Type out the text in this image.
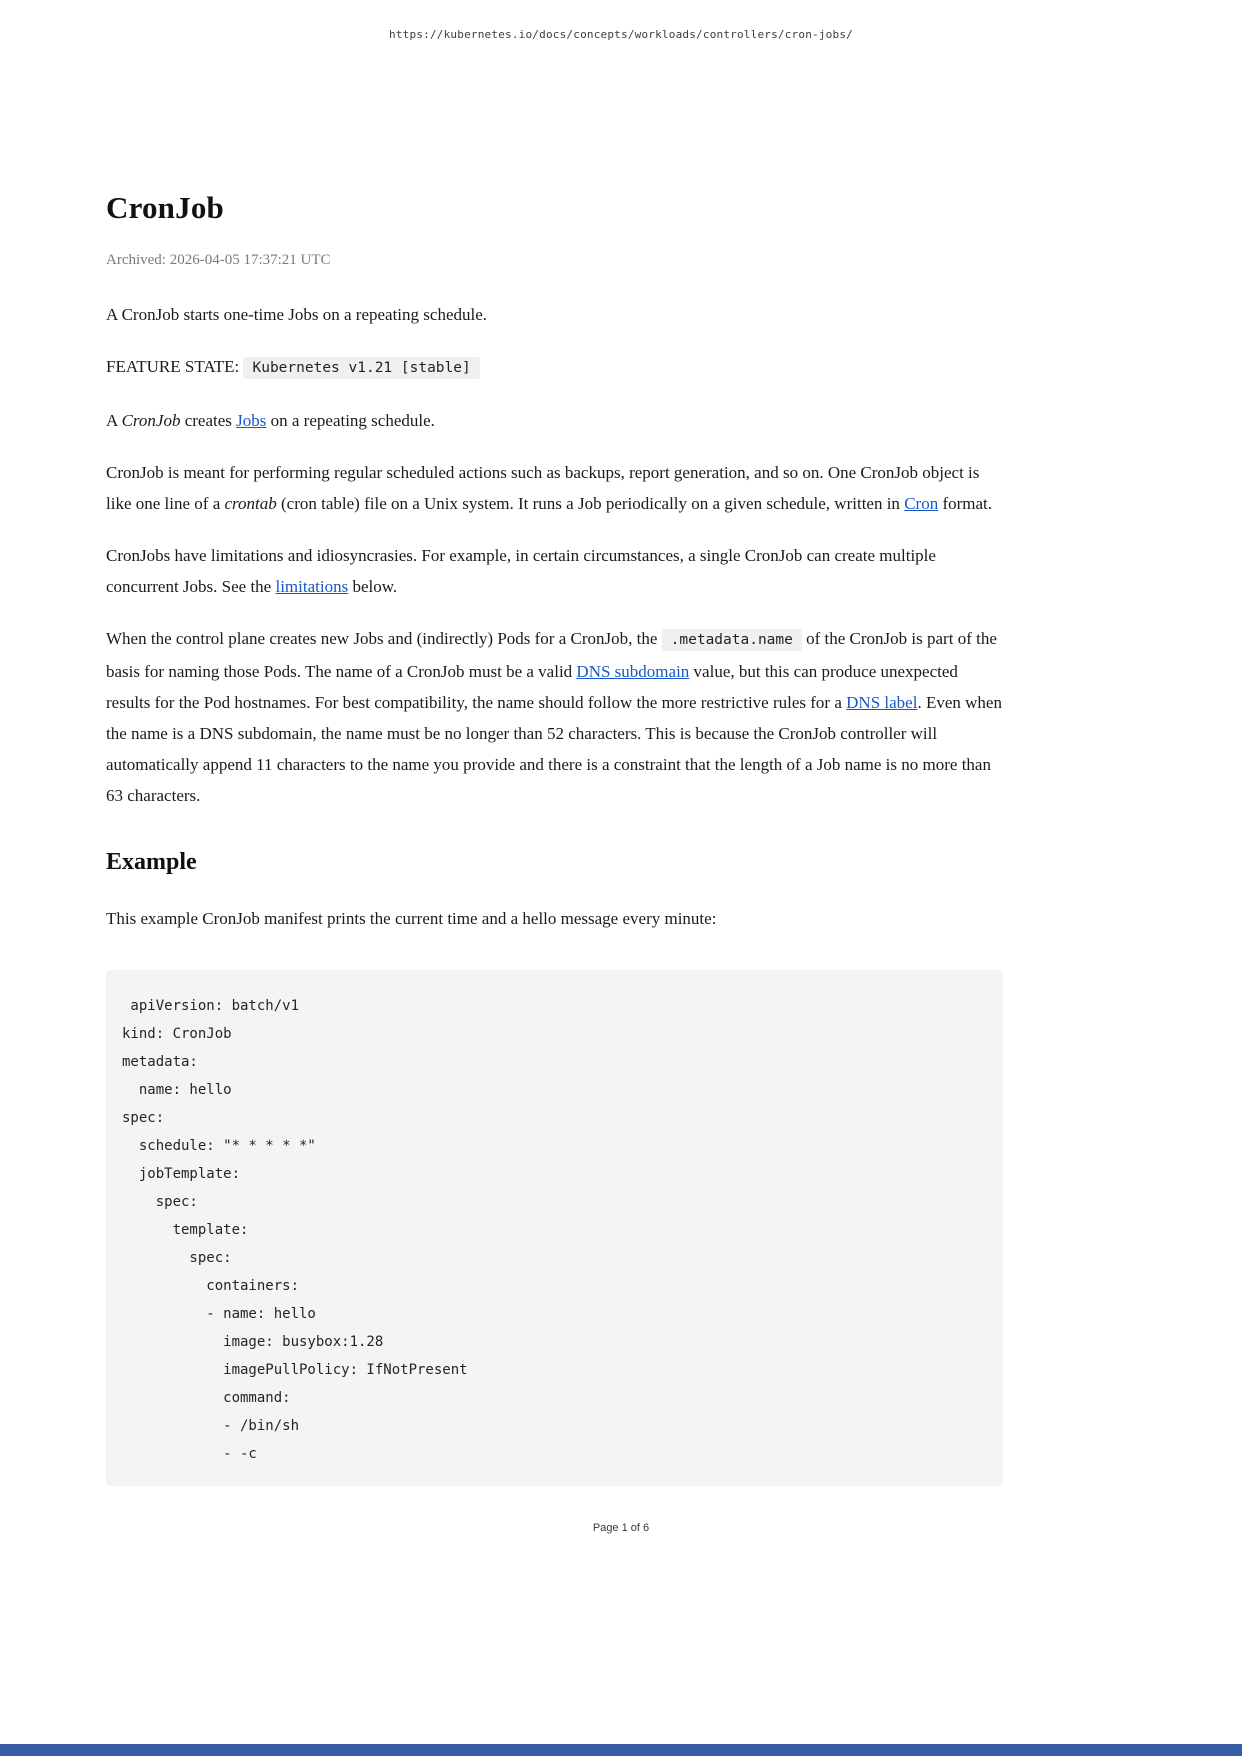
https://kubernetes.io/docs/concepts/workloads/controllers/cron-jobs/
CronJob

Archived: 2026-04-05 17:37:21 UTC

A CronJob starts one-time Jobs on a repeating schedule.

FEATURE STATE: Kubernetes v1.21 [stable]

A CronJob creates Jobs on a repeating schedule.

CronJob is meant for performing regular scheduled actions such as backups, report generation, and so on. One CronJob object is like one line of a crontab (cron table) file on a Unix system. It runs a Job periodically on a given schedule, written in Cron format.

CronJobs have limitations and idiosyncrasies. For example, in certain circumstances, a single CronJob can create multiple concurrent Jobs. See the limitations below.

When the control plane creates new Jobs and (indirectly) Pods for a CronJob, the .metadata.name of the CronJob is part of the basis for naming those Pods. The name of a CronJob must be a valid DNS subdomain value, but this can produce unexpected results for the Pod hostnames. For best compatibility, the name should follow the more restrictive rules for a DNS label. Even when the name is a DNS subdomain, the name must be no longer than 52 characters. This is because the CronJob controller will automatically append 11 characters to the name you provide and there is a constraint that the length of a Job name is no more than 63 characters.

Example

This example CronJob manifest prints the current time and a hello message every minute:

apiVersion: batch/v1
kind: CronJob
metadata:
name: hello
spec:
schedule: "* * * * *"
jobTemplate:
spec:
template:
spec:
containers:
- name: hello
image: busybox:1.28
imagePullPolicy: IfNotPresent
command:
- /bin/sh
- -c
Page 1 of 6
